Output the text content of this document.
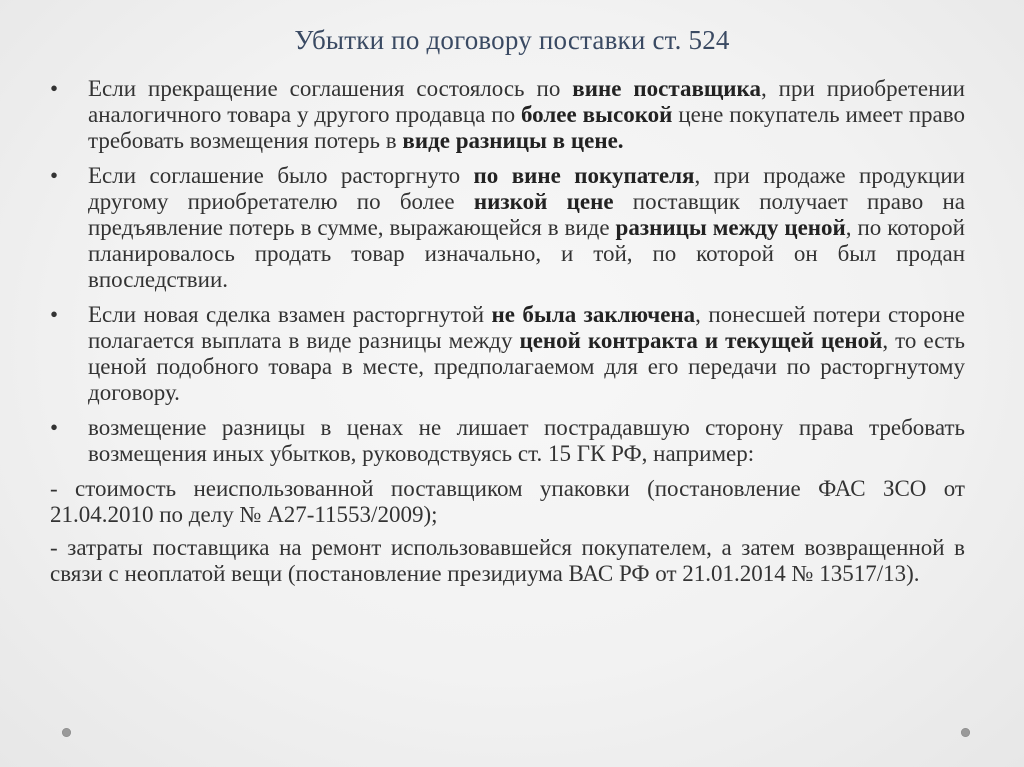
Убытки по договору поставки ст. 524
•	Если прекращение соглашения состоялось по вине поставщика, при приобретении аналогичного товара у другого продавца по более высокой цене покупатель имеет право требовать возмещения потерь в виде разницы в цене.
•	Если соглашение было расторгнуто по вине покупателя, при продаже продукции другому приобретателю по более низкой цене поставщик получает право на предъявление потерь в сумме, выражающейся в виде разницы между ценой, по которой планировалось продать товар изначально, и той, по которой он был продан впоследствии.
•	Если новая сделка взамен расторгнутой не была заключена, понесшей потери стороне полагается выплата в виде разницы между ценой контракта и текущей ценой, то есть ценой подобного товара в месте, предполагаемом для его передачи по расторгнутому договору.
•	возмещение разницы в ценах не лишает пострадавшую сторону права требовать возмещения иных убытков, руководствуясь ст. 15 ГК РФ, например:
- стоимость неиспользованной поставщиком упаковки (постановление ФАС ЗСО от 21.04.2010 по делу № А27-11553/2009);
- затраты поставщика на ремонт использовавшейся покупателем, а затем возвращенной в связи с неоплатой вещи (постановление президиума ВАС РФ от 21.01.2014 № 13517/13).
